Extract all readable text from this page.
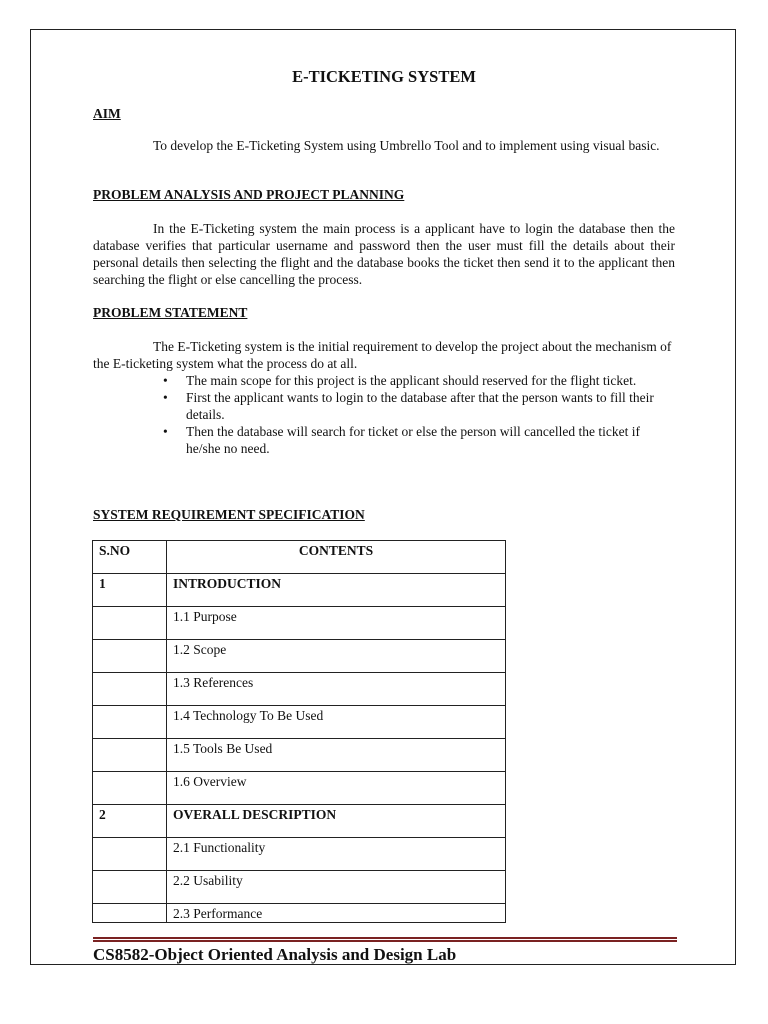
E-TICKETING SYSTEM
AIM

To develop the E-Ticketing System using Umbrello Tool and to implement using visual basic.

PROBLEM ANALYSIS AND PROJECT PLANNING

In the E-Ticketing system the main process is a applicant have to login the database then the database verifies that particular username and password then the user must fill the details about their personal details then selecting the flight and the database books the ticket then send it to the applicant then searching the flight or else cancelling the process.

PROBLEM STATEMENT

The E-Ticketing system is the initial requirement to develop the project about the mechanism of the E-ticketing system what the process do at all.

• The main scope for this project is the applicant should reserved for the flight ticket.
• First the applicant wants to login to the database after that the person wants to fill their details.
• Then the database will search for ticket or else the person will cancelled the ticket if he/she no need.
SYSTEM REQUIREMENT SPECIFICATION
S.NO	CONTENTS
1	INTRODUCTION
	1.1 Purpose
	1.2 Scope
	1.3 References
	1.4 Technology To Be Used
	1.5 Tools Be Used
	1.6 Overview
2	OVERALL DESCRIPTION
	2.1 Functionality
	2.2 Usability
	2.3 Performance
CS8582-Object Oriented Analysis and Design Lab
